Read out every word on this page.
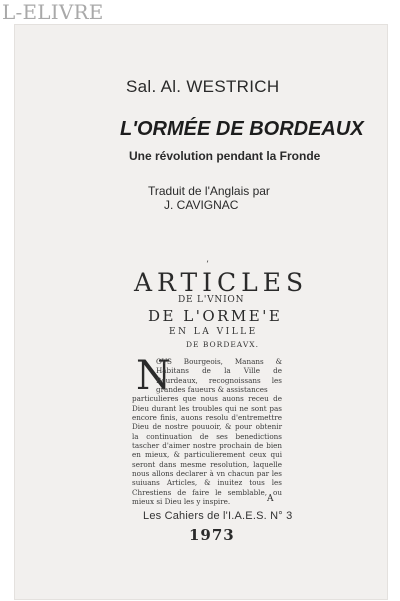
L-ELIVRE
Sal. Al. WESTRICH
L'ORMÉE DE BORDEAUX
Une révolution pendant la Fronde
Traduit de l'Anglais par
J. CAVIGNAC
ʼ
ARTICLES
DE L'VNION
DE L'ORME'E
EN LA VILLE
DE BORDEAVX.
N
OVS Bourgeois, Manans & Habitans de la Ville de Bourdeaux, recognoissans les grandes faueurs & assistances
particulieres que nous auons receu de Dieu durant les troubles qui ne sont pas encore finis, auons resolu d'entremettre Dieu de nostre pouuoir, & pour obtenir la continuation de ses benedictions tascher d'aimer nostre prochain de bien en mieux, & particulierement ceux qui seront dans mesme resolution, laquelle nous allons declarer à vn chacun par les suiuans Articles, & inuitez tous les Chrestiens de faire le semblable, ou mieux si Dieu les y inspire.	A
Les Cahiers de l'I.A.E.S. N° 3
1973
